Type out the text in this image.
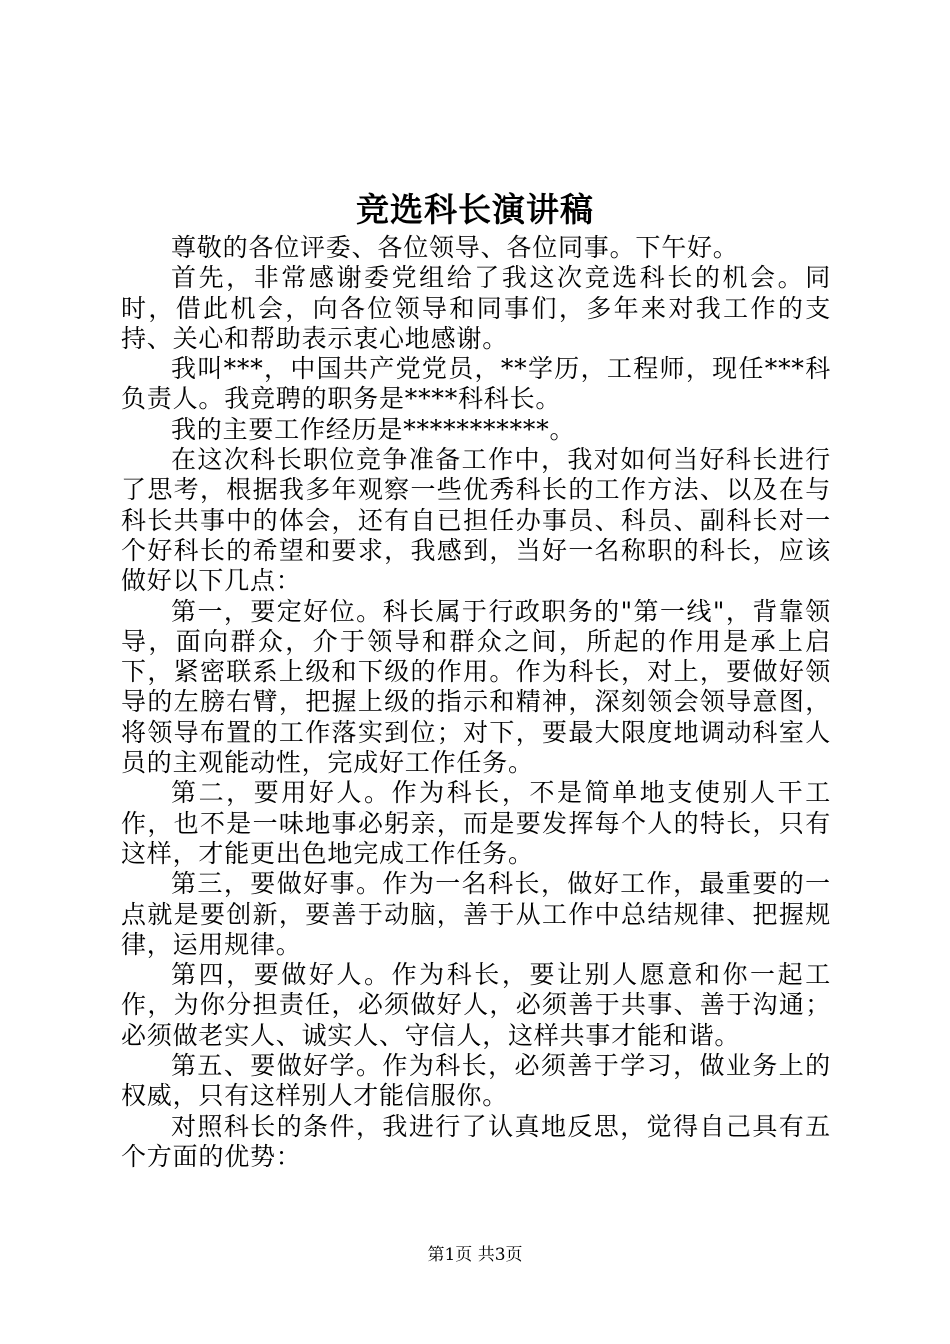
竞选科长演讲稿

尊敬的各位评委、各位领导、各位同事。下午好。

首先，非常感谢委党组给了我这次竞选科长的机会。同时，借此机会，向各位领导和同事们，多年来对我工作的支持、关心和帮助表示衷心地感谢。

我叫***，中国共产党党员，**学历，工程师，现任***科负责人。我竞聘的职务是****科科长。

我的主要工作经历是***********。

在这次科长职位竞争准备工作中，我对如何当好科长进行了思考，根据我多年观察一些优秀科长的工作方法、以及在与科长共事中的体会，还有自已担任办事员、科员、副科长对一个好科长的希望和要求，我感到，当好一名称职的科长，应该做好以下几点：

第一，要定好位。科长属于行政职务的"第一线"，背靠领导，面向群众，介于领导和群众之间，所起的作用是承上启下，紧密联系上级和下级的作用。作为科长，对上，要做好领导的左膀右臂，把握上级的指示和精神，深刻领会领导意图，将领导布置的工作落实到位；对下，要最大限度地调动科室人员的主观能动性，完成好工作任务。

第二，要用好人。作为科长，不是简单地支使别人干工作，也不是一味地事必躬亲，而是要发挥每个人的特长，只有这样，才能更出色地完成工作任务。

第三，要做好事。作为一名科长，做好工作，最重要的一点就是要创新，要善于动脑，善于从工作中总结规律、把握规律，运用规律。

第四，要做好人。作为科长，要让别人愿意和你一起工作，为你分担责任，必须做好人，必须善于共事、善于沟通；必须做老实人、诚实人、守信人，这样共事才能和谐。

第五、要做好学。作为科长，必须善于学习，做业务上的权威，只有这样别人才能信服你。

对照科长的条件，我进行了认真地反思，觉得自己具有五个方面的优势：

第1页 共3页
